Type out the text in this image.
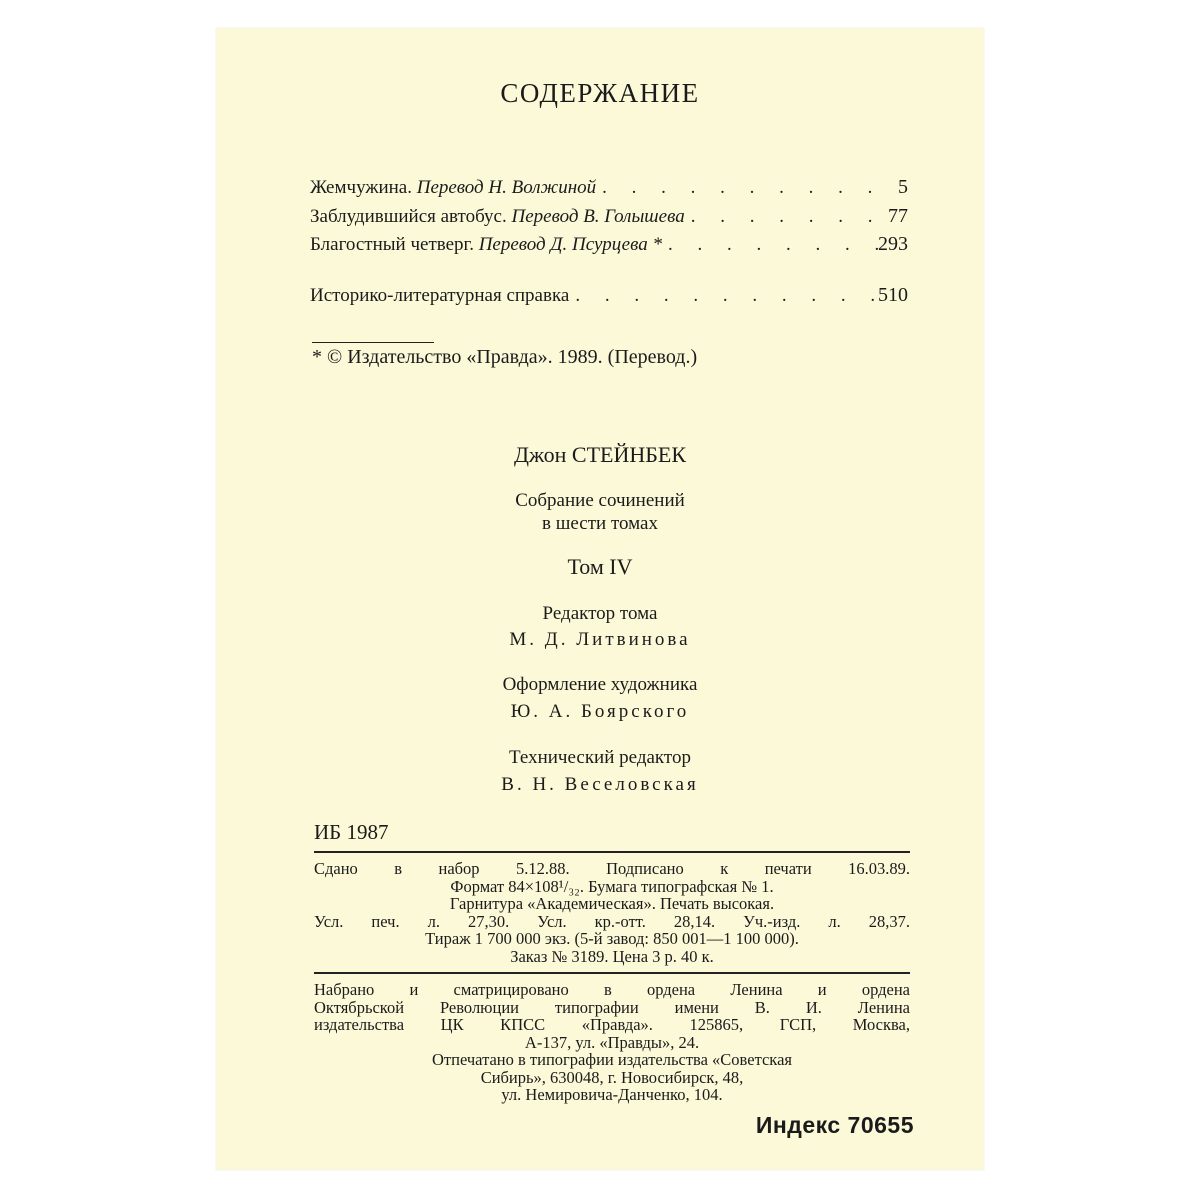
СОДЕРЖАНИЕ
Жемчужина. Перевод Н. Волжиной . . .	5
Заблудившийся автобус. Перевод В. Голышева . . .	77
Благостный четверг. Перевод Д. Псурцева * . . .	293
Историко-литературная справка . . .	510
* © Издательство «Правда». 1989. (Перевод.)
Джон СТЕЙНБЕК
Собрание сочинений
в шести томах
Том IV
Редактор тома
М. Д. Литвинова
Оформление художника
Ю. А. Боярского
Технический редактор
В. Н. Веселовская
ИБ 1987
Сдано в набор 5.12.88. Подписано к печати 16.03.89.
Формат 84×108¹/₃₂. Бумага типографская № 1.
Гарнитура «Академическая». Печать высокая.
Усл. печ. л. 27,30. Усл. кр.-отт. 28,14. Уч.-изд. л. 28,37.
Тираж 1 700 000 экз. (5-й завод: 850 001—1 100 000).
Заказ № 3189. Цена 3 р. 40 к.
Набрано и сматрицировано в ордена Ленина и ордена
Октябрьской Революции типографии имени В. И. Ленина
издательства ЦК КПСС «Правда». 125865, ГСП, Москва,
А-137, ул. «Правды», 24.
Отпечатано в типографии издательства «Советская
Сибирь», 630048, г. Новосибирск, 48,
ул. Немировича-Данченко, 104.
Индекс 70655
